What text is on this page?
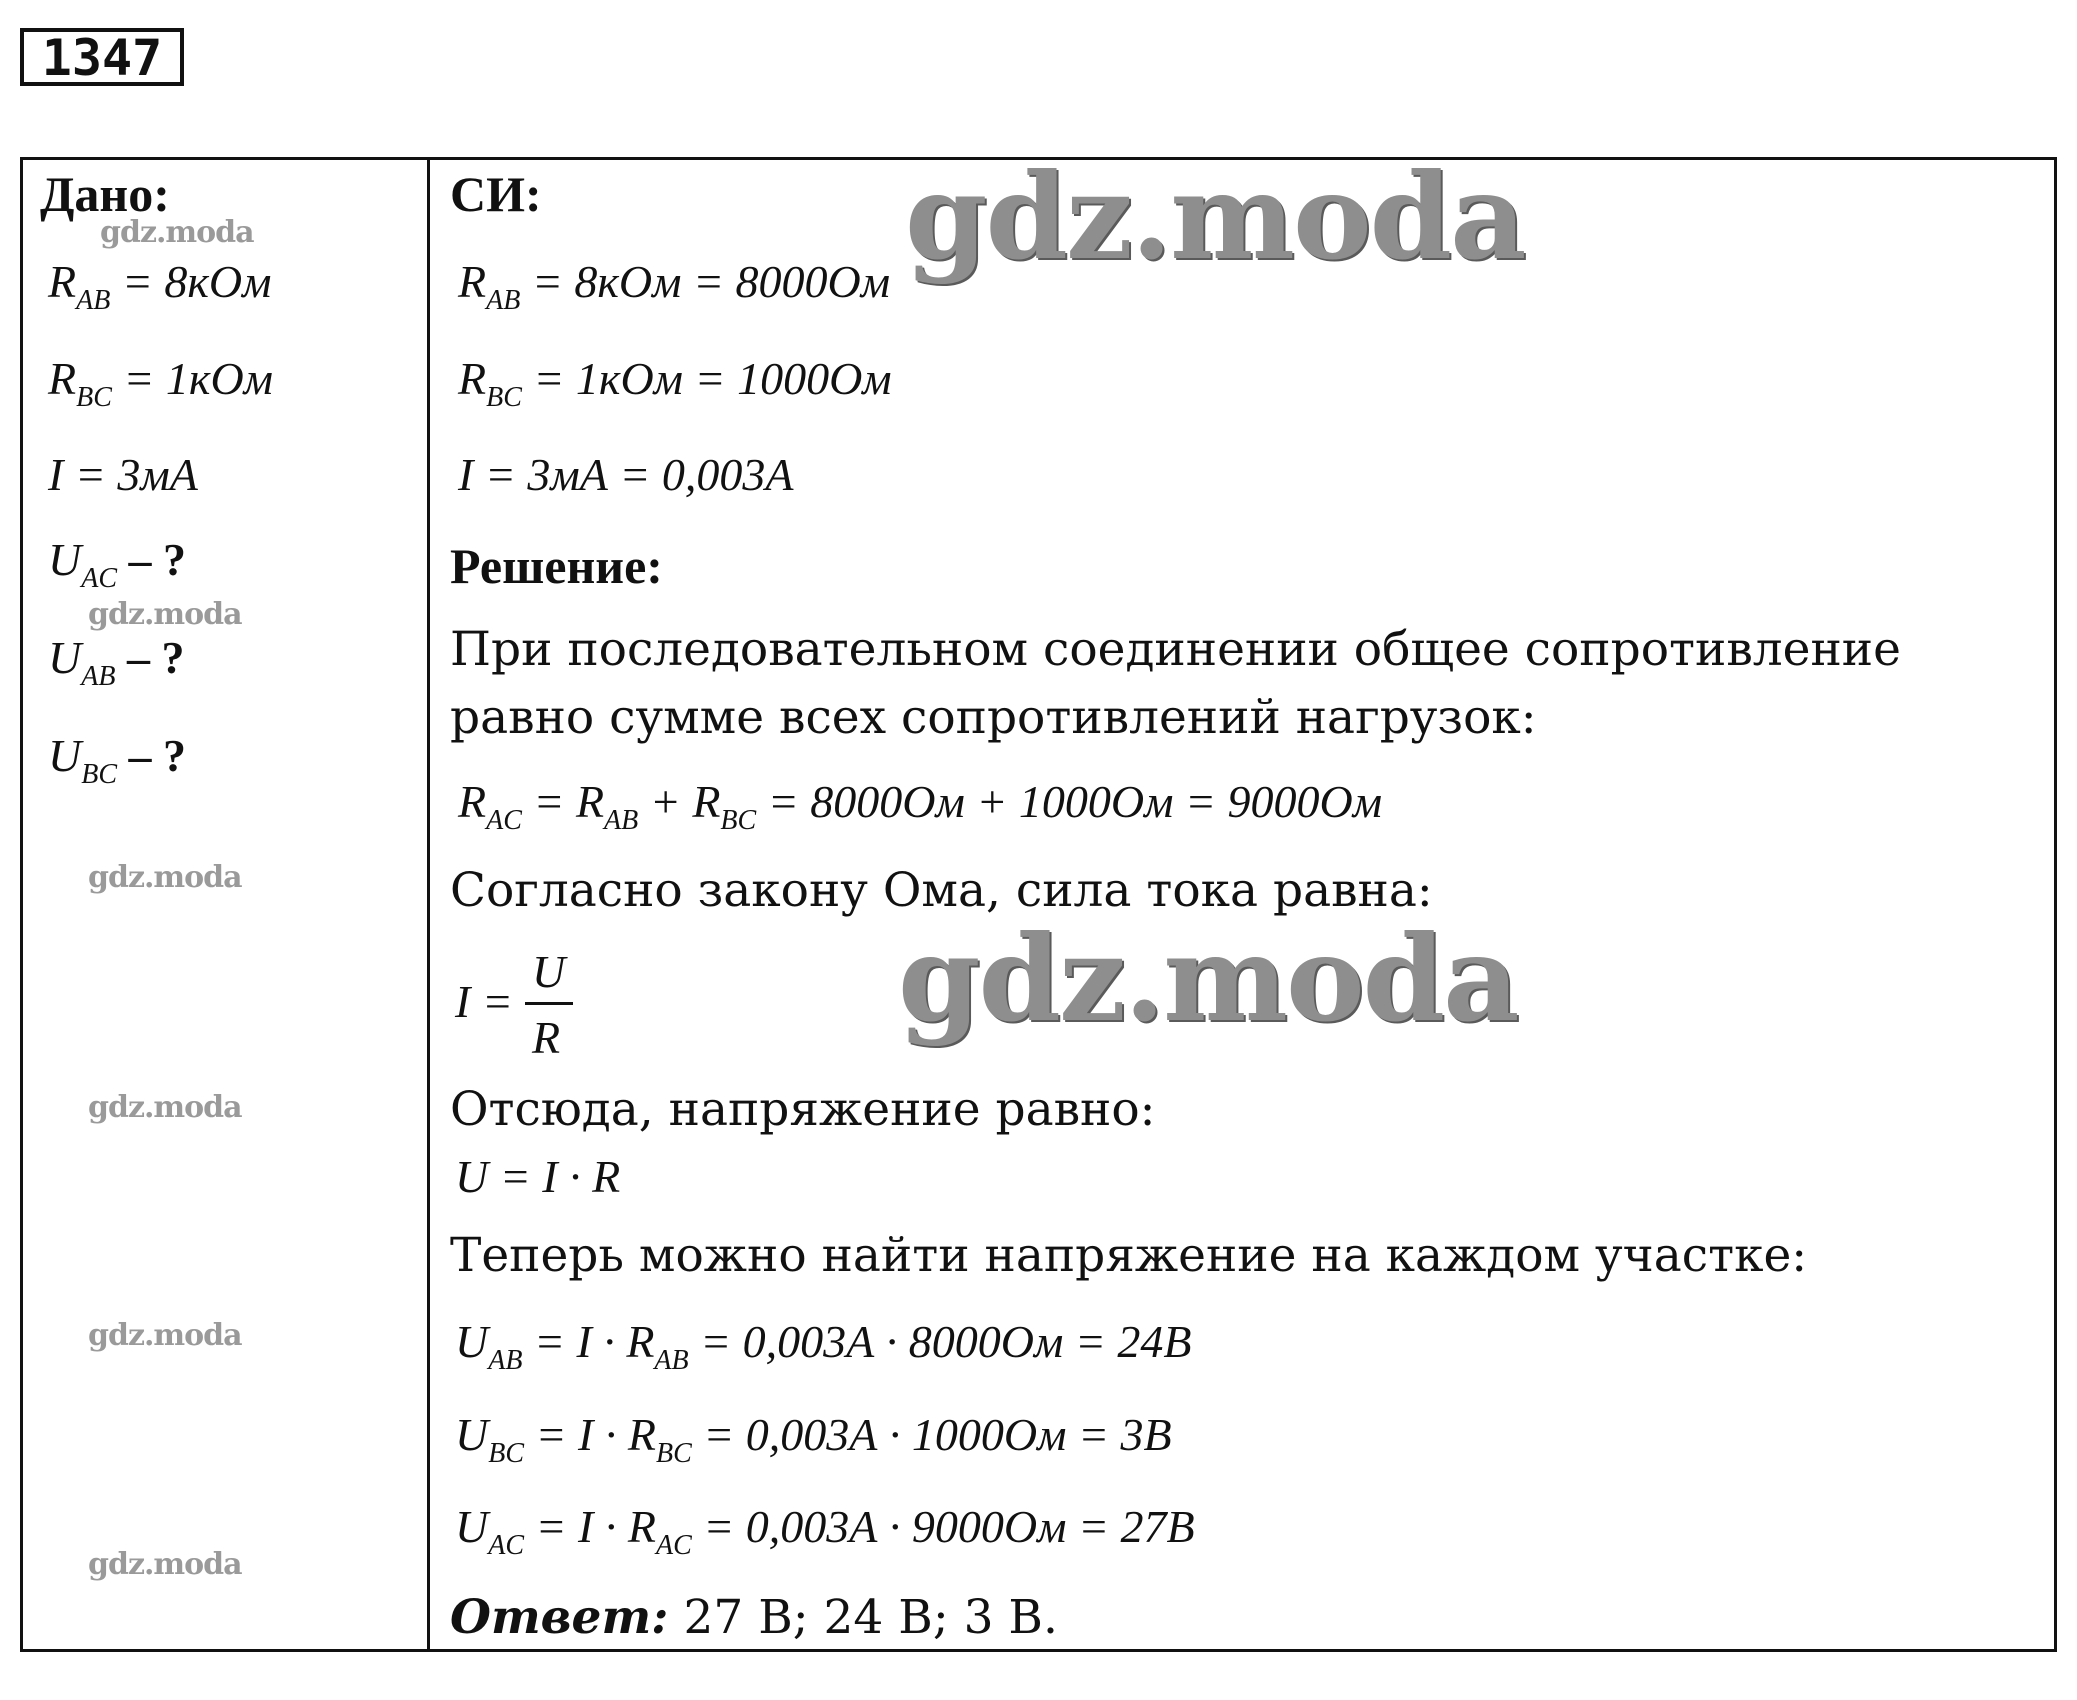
1347
gdz.moda
gdz.moda
gdz.moda
gdz.moda
gdz.moda
gdz.moda
gdz.moda
gdz.moda
Дано:
$R_{AB} = 8кОм$
$R_{BC} = 1кОм$
I = 3мА
$U_{AC}$ – ?
$U_{AB}$ – ?
$U_{BC}$ – ?
СИ:
$R_{AB} = 8кОм = 8000Ом$
$R_{BC} = 1кОм = 1000Ом$
I = 3мА = 0,003А
Решение:
При последовательном соединении общее сопротивление
равно сумме всех сопротивлений нагрузок:
$R_{AC} = R_{AB} + R_{BC} = 8000Ом + 1000Ом = 9000Ом$
Согласно закону Ома, сила тока равна:
I =
U
R
Отсюда, напряжение равно:
U = I · R
Теперь можно найти напряжение на каждом участке:
$U_{AB} = I \cdot R_{AB} = 0,003А \cdot 8000Ом = 24В$
$U_{BC} = I \cdot R_{BC} = 0,003А \cdot 1000Ом = 3В$
$U_{AC} = I \cdot R_{AC} = 0,003А \cdot 9000Ом = 27В$
Ответ: 27 В; 24 В; 3 В.
